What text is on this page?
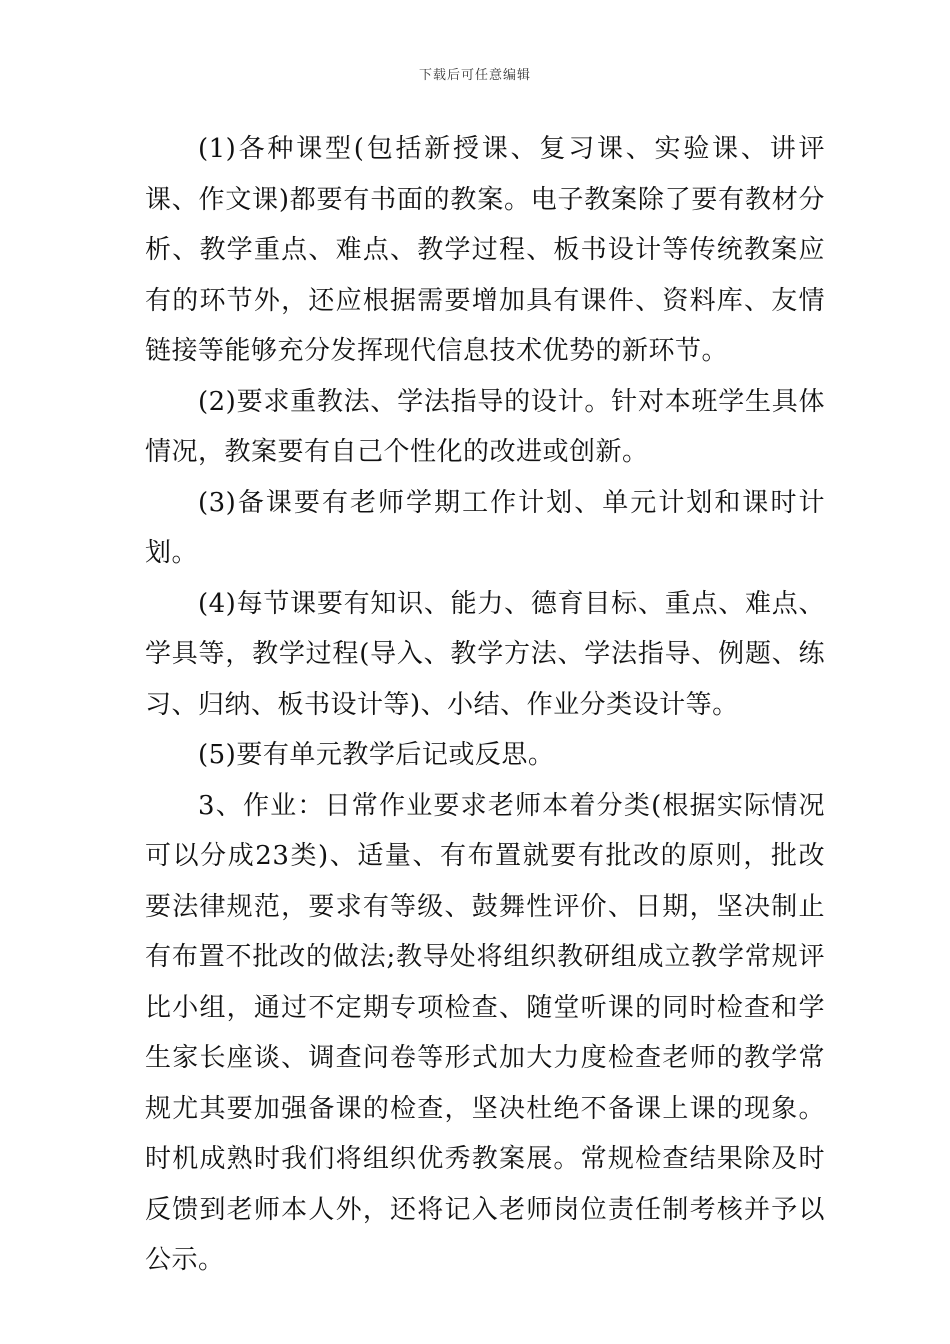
下载后可任意编辑

(1)各种课型(包括新授课、复习课、实验课、讲评课、作文课)都要有书面的教案。电子教案除了要有教材分析、教学重点、难点、教学过程、板书设计等传统教案应有的环节外，还应根据需要增加具有课件、资料库、友情链接等能够充分发挥现代信息技术优势的新环节。

(2)要求重教法、学法指导的设计。针对本班学生具体情况，教案要有自己个性化的改进或创新。

(3)备课要有老师学期工作计划、单元计划和课时计划。

(4)每节课要有知识、能力、德育目标、重点、难点、学具等，教学过程(导入、教学方法、学法指导、例题、练习、归纳、板书设计等)、小结、作业分类设计等。

(5)要有单元教学后记或反思。

3、作业：日常作业要求老师本着分类(根据实际情况可以分成23类)、适量、有布置就要有批改的原则，批改要法律规范，要求有等级、鼓舞性评价、日期，坚决制止有布置不批改的做法;教导处将组织教研组成立教学常规评比小组，通过不定期专项检查、随堂听课的同时检查和学生家长座谈、调查问卷等形式加大力度检查老师的教学常规尤其要加强备课的检查，坚决杜绝不备课上课的现象。时机成熟时我们将组织优秀教案展。常规检查结果除及时反馈到老师本人外，还将记入老师岗位责任制考核并予以公示。
